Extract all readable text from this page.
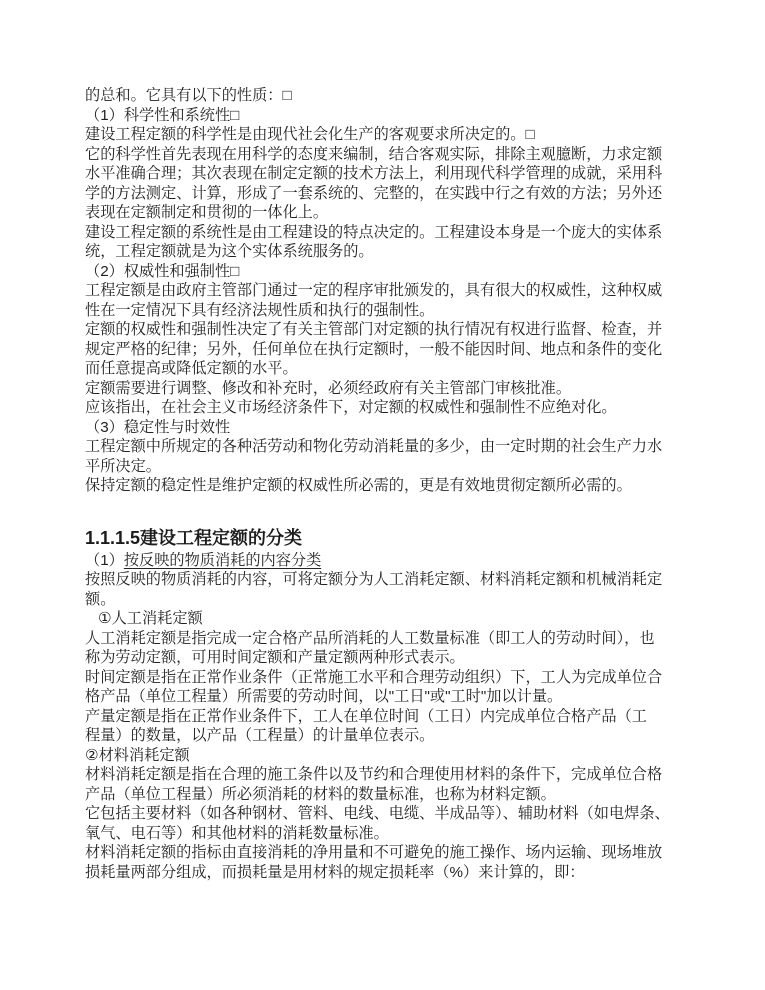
的总和。它具有以下的性质：□
（1）科学性和系统性□
建设工程定额的科学性是由现代社会化生产的客观要求所决定的。□
它的科学性首先表现在用科学的态度来编制，结合客观实际，排除主观臆断，力求定额
水平准确合理；其次表现在制定定额的技术方法上，利用现代科学管理的成就，采用科
学的方法测定、计算，形成了一套系统的、完整的，在实践中行之有效的方法；另外还
表现在定额制定和贯彻的一体化上。
建设工程定额的系统性是由工程建设的特点决定的。工程建设本身是一个庞大的实体系
统，工程定额就是为这个实体系统服务的。
（2）权威性和强制性□
工程定额是由政府主管部门通过一定的程序审批颁发的，具有很大的权威性，这种权威
性在一定情况下具有经济法规性质和执行的强制性。
定额的权威性和强制性决定了有关主管部门对定额的执行情况有权进行监督、检查，并
规定严格的纪律；另外，任何单位在执行定额时，一般不能因时间、地点和条件的变化
而任意提高或降低定额的水平。
定额需要进行调整、修改和补充时，必须经政府有关主管部门审核批准。
应该指出，在社会主义市场经济条件下，对定额的权威性和强制性不应绝对化。
（3）稳定性与时效性
工程定额中所规定的各种活劳动和物化劳动消耗量的多少，由一定时期的社会生产力水
平所决定。
保持定额的稳定性是维护定额的权威性所必需的，更是有效地贯彻定额所必需的。
1.1.1.5建设工程定额的分类
（1）按反映的物质消耗的内容分类
按照反映的物质消耗的内容，可将定额分为人工消耗定额、材料消耗定额和机械消耗定
额。
①人工消耗定额
人工消耗定额是指完成一定合格产品所消耗的人工数量标准（即工人的劳动时间），也
称为劳动定额，可用时间定额和产量定额两种形式表示。
时间定额是指在正常作业条件（正常施工水平和合理劳动组织）下，工人为完成单位合
格产品（单位工程量）所需要的劳动时间，以"工日"或"工时"加以计量。
产量定额是指在正常作业条件下，工人在单位时间（工日）内完成单位合格产品（工
程量）的数量，以产品（工程量）的计量单位表示。
②材料消耗定额
材料消耗定额是指在合理的施工条件以及节约和合理使用材料的条件下，完成单位合格
产品（单位工程量）所必须消耗的材料的数量标准，也称为材料定额。
它包括主要材料（如各种钢材、管料、电线、电缆、半成品等）、辅助材料（如电焊条、
氧气、电石等）和其他材料的消耗数量标准。
材料消耗定额的指标由直接消耗的净用量和不可避免的施工操作、场内运输、现场堆放
损耗量两部分组成，而损耗量是用材料的规定损耗率（%）来计算的，即：
